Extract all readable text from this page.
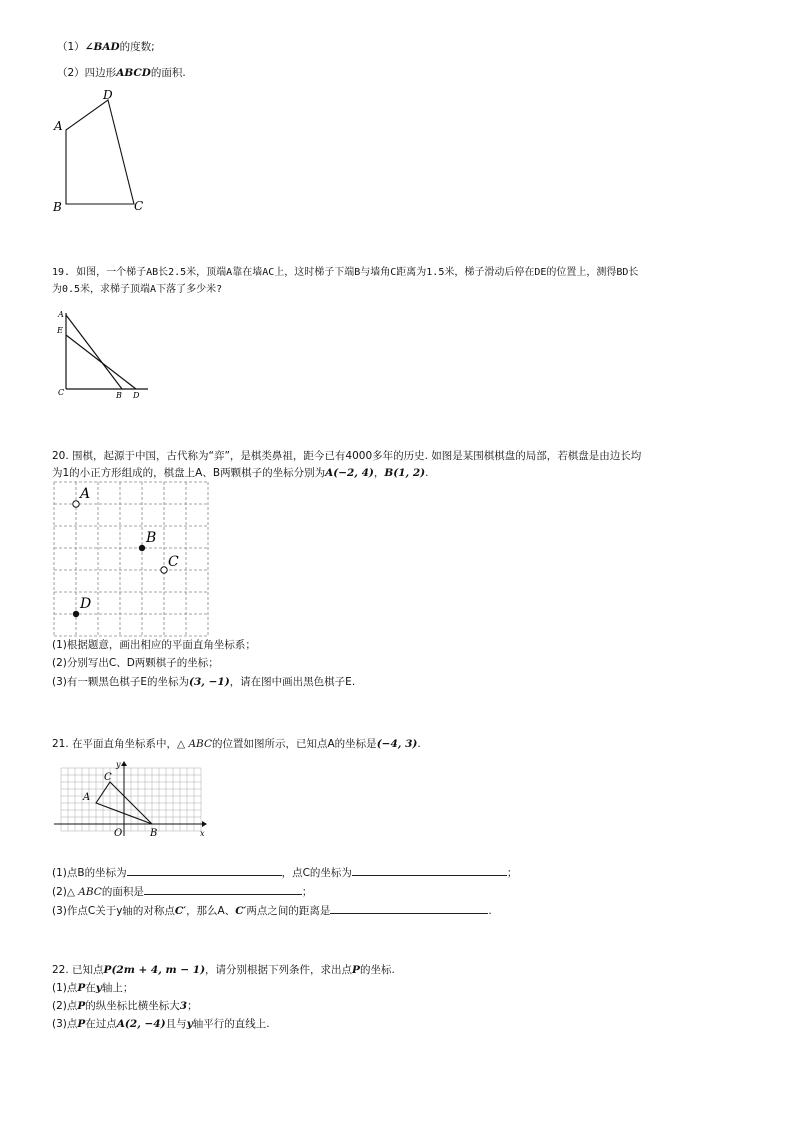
（1）∠BAD的度数;
（2）四边形ABCD的面积.
A
D
B	C
19. 如图，一个梯子AB长2.5米，顶端A靠在墙AC上，这时梯子下端B与墙角C距离为1.5米，梯子滑动后停在DE的位置上，测得BD长
为0.5米，求梯子顶端A下落了多少米?
A
E
C	B D
20. 围棋，起源于中国，古代称为“弈”，是棋类鼻祖，距今已有4000多年的历史. 如图是某围棋棋盘的局部，若棋盘是由边长均
为1的小正方形组成的，棋盘上A、B两颗棋子的坐标分别为A(−2, 4)，B(1, 2).
A
B
C
D
(1)根据题意，画出相应的平面直角坐标系；
(2)分别写出C、D两颗棋子的坐标；
(3)有一颗黑色棋子E的坐标为(3, −1)，请在图中画出黑色棋子E.
21. 在平面直角坐标系中，△ ABC的位置如图所示，已知点A的坐标是(−4, 3).
A
C
B
O	x
y
(1)点B的坐标为	，点C的坐标为	；
(2)△ ABC的面积是	；
(3)作点C关于y轴的对称点C′，那么A、C′两点之间的距离是	.
22. 已知点P(2m + 4, m − 1)，请分别根据下列条件，求出点P的坐标.
(1)点P在y轴上；
(2)点P的纵坐标比横坐标大3；
(3)点P在过点A(2, −4)且与y轴平行的直线上.
